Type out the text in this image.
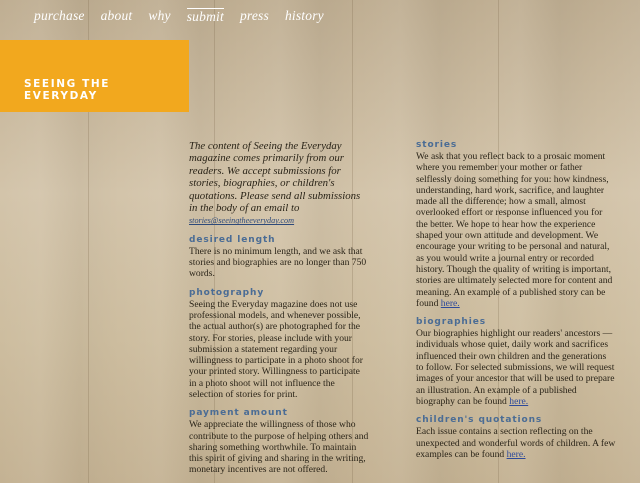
purchase about why submit press history
SEEING THE EVERYDAY

The content of Seeing the Everyday magazine comes primarily from our readers. We accept submissions for stories, biographies, or children's quotations. Please send all submissions in the body of an email to

stories@seeingtheeveryday.com
desired length

There is no minimum length, and we ask that stories and biographies are no longer than 750 words.

photography

Seeing the Everyday magazine does not use professional models, and whenever possible, the actual author(s) are photographed for the story. For stories, please include with your submission a statement regarding your willingness to participate in a photo shoot for your printed story. Willingness to participate in a photo shoot will not influence the selection of stories for print.

payment amount

We appreciate the willingness of those who contribute to the purpose of helping others and sharing something worthwhile. To maintain this spirit of giving and sharing in the writing, monetary incentives are not offered.

stories

We ask that you reflect back to a prosaic moment where you remember your mother or father selflessly doing something for you: how kindness, understanding, hard work, sacrifice, and laughter made all the difference; how a small, almost overlooked effort or response influenced you for the better. We hope to hear how the experience shaped your own attitude and development. We encourage your writing to be personal and natural, as you would write a journal entry or recorded history. Though the quality of writing is important, stories are ultimately selected more for content and meaning. An example of a published story can be found here.

biographies

Our biographies highlight our readers' ancestors —individuals whose quiet, daily work and sacrifices influenced their own children and the generations to follow. For selected submissions, we will request images of your ancestor that will be used to prepare an illustration. An example of a published biography can be found here.

children's quotations

Each issue contains a section reflecting on the unexpected and wonderful words of children. A few examples can be found here.
